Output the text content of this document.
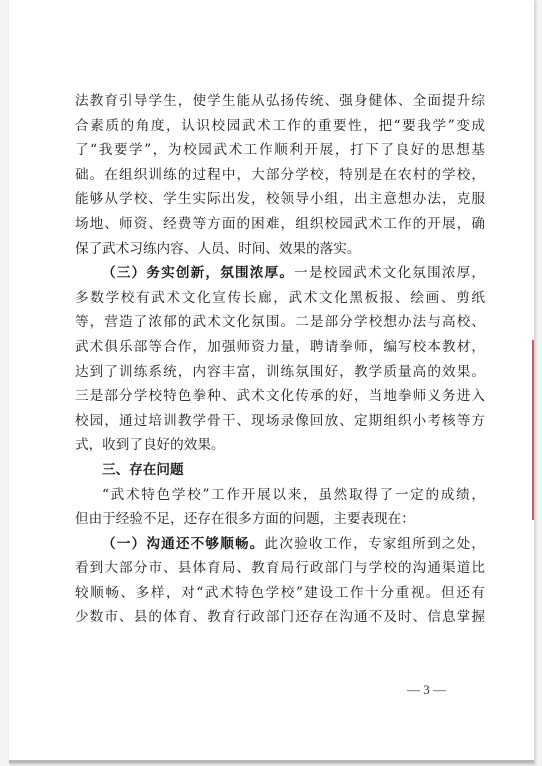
法教育引导学生，使学生能从弘扬传统、强身健体、全面提升综
合素质的角度，认识校园武术工作的重要性，把“要我学”变成
了“我要学”，为校园武术工作顺利开展，打下了良好的思想基
础。在组织训练的过程中，大部分学校，特别是在农村的学校，
能够从学校、学生实际出发，校领导小组，出主意想办法，克服
场地、师资、经费等方面的困难，组织校园武术工作的开展，确
保了武术习练内容、人员、时间、效果的落实。
（三）务实创新，氛围浓厚。一是校园武术文化氛围浓厚，
多数学校有武术文化宣传长廊，武术文化黑板报、绘画、剪纸
等，营造了浓郁的武术文化氛围。二是部分学校想办法与高校、
武术俱乐部等合作，加强师资力量，聘请拳师，编写校本教材，
达到了训练系统，内容丰富，训练氛围好，教学质量高的效果。
三是部分学校特色拳种、武术文化传承的好，当地拳师义务进入
校园，通过培训教学骨干、现场录像回放、定期组织小考核等方
式，收到了良好的效果。
三、存在问题
“武术特色学校”工作开展以来，虽然取得了一定的成绩，
但由于经验不足，还存在很多方面的问题，主要表现在：
（一）沟通还不够顺畅。此次验收工作，专家组所到之处，
看到大部分市、县体育局、教育局行政部门与学校的沟通渠道比
较顺畅、多样，对“武术特色学校”建设工作十分重视。但还有
少数市、县的体育、教育行政部门还存在沟通不及时、信息掌握
— 3 —
